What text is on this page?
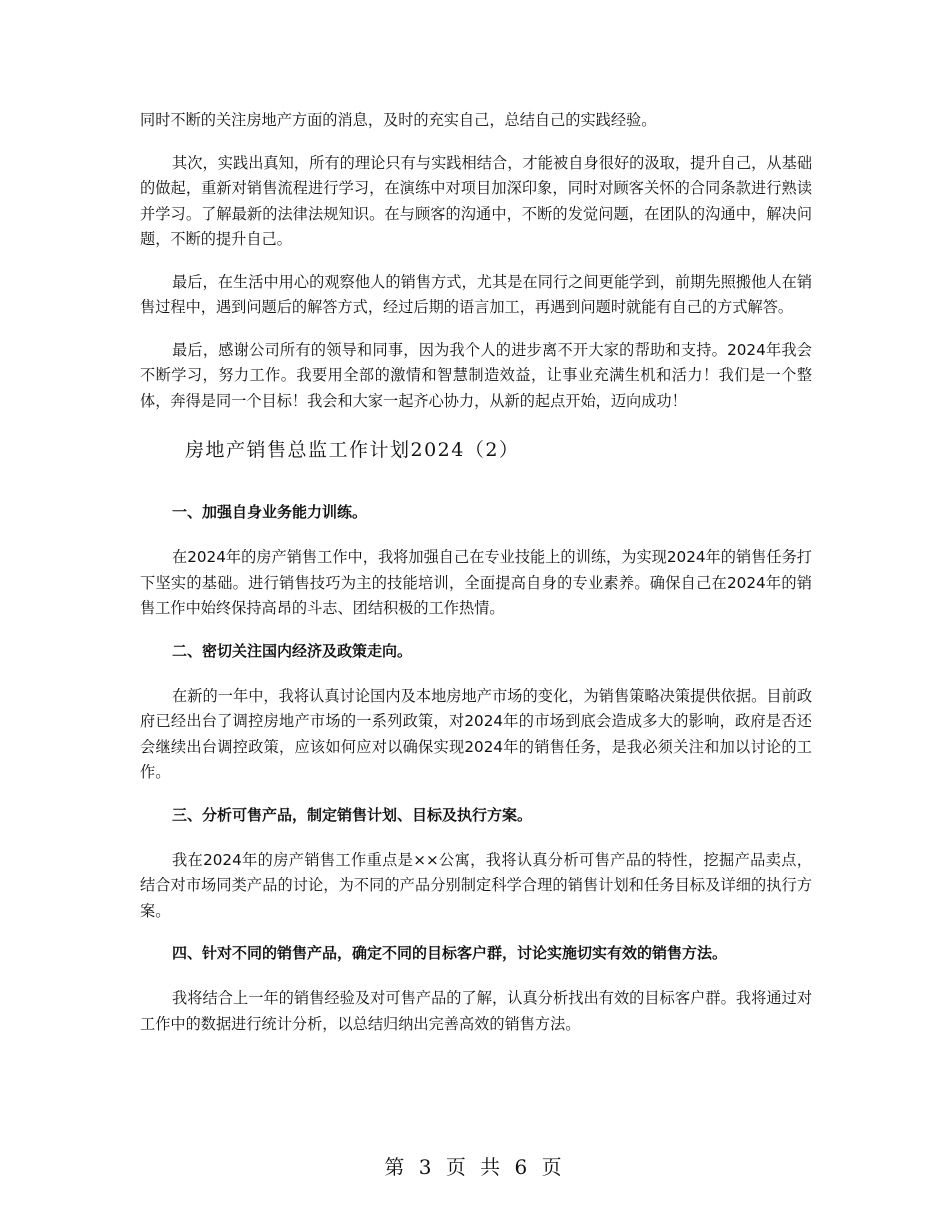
同时不断的关注房地产方面的消息，及时的充实自己，总结自己的实践经验。

其次，实践出真知，所有的理论只有与实践相结合，才能被自身很好的汲取，提升自己，从基础的做起，重新对销售流程进行学习，在演练中对项目加深印象，同时对顾客关怀的合同条款进行熟读并学习。了解最新的法律法规知识。在与顾客的沟通中，不断的发觉问题，在团队的沟通中，解决问题，不断的提升自己。

最后，在生活中用心的观察他人的销售方式，尤其是在同行之间更能学到，前期先照搬他人在销售过程中，遇到问题后的解答方式，经过后期的语言加工，再遇到问题时就能有自己的方式解答。

最后，感谢公司所有的领导和同事，因为我个人的进步离不开大家的帮助和支持。2024年我会不断学习，努力工作。我要用全部的激情和智慧制造效益，让事业充满生机和活力！我们是一个整体，奔得是同一个目标！我会和大家一起齐心协力，从新的起点开始，迈向成功！

房地产销售总监工作计划2024（2）
一、加强自身业务能力训练。

在2024年的房产销售工作中，我将加强自己在专业技能上的训练，为实现2024年的销售任务打下坚实的基础。进行销售技巧为主的技能培训，全面提高自身的专业素养。确保自己在2024年的销售工作中始终保持高昂的斗志、团结积极的工作热情。

二、密切关注国内经济及政策走向。

在新的一年中，我将认真讨论国内及本地房地产市场的变化，为销售策略决策提供依据。目前政府已经出台了调控房地产市场的一系列政策，对2024年的市场到底会造成多大的影响，政府是否还会继续出台调控政策，应该如何应对以确保实现2024年的销售任务，是我必须关注和加以讨论的工作。

三、分析可售产品，制定销售计划、目标及执行方案。

我在2024年的房产销售工作重点是××公寓，我将认真分析可售产品的特性，挖掘产品卖点，结合对市场同类产品的讨论，为不同的产品分别制定科学合理的销售计划和任务目标及详细的执行方案。

四、针对不同的销售产品，确定不同的目标客户群，讨论实施切实有效的销售方法。

我将结合上一年的销售经验及对可售产品的了解，认真分析找出有效的目标客户群。我将通过对工作中的数据进行统计分析，以总结归纳出完善高效的销售方法。

第 3 页 共 6 页
